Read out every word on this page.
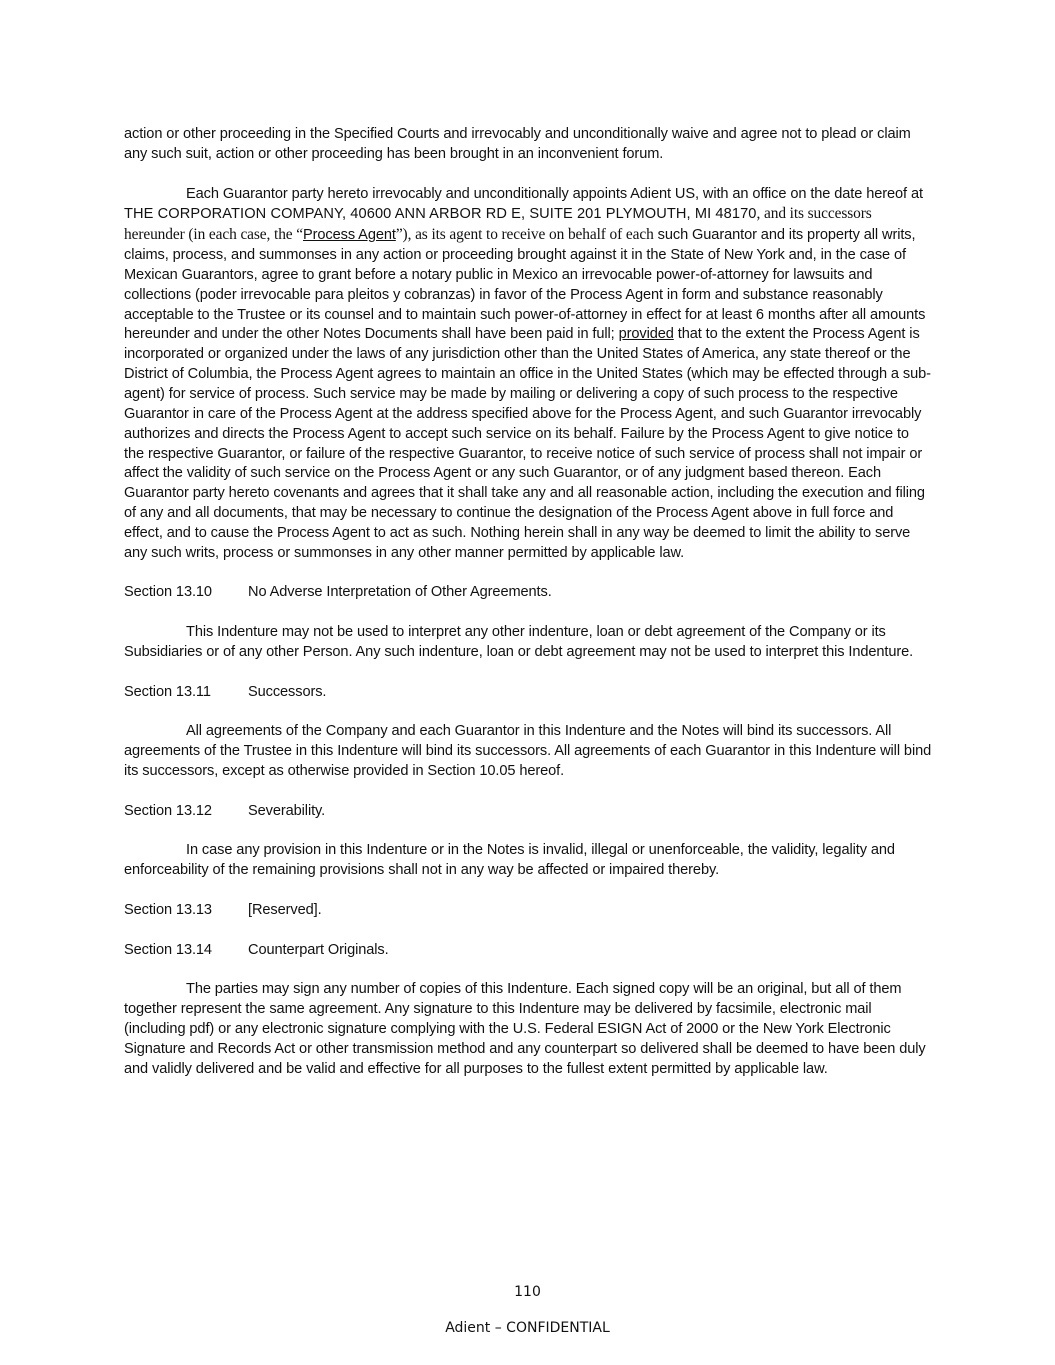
action or other proceeding in the Specified Courts and irrevocably and unconditionally waive and agree not to plead or claim any such suit, action or other proceeding has been brought in an inconvenient forum.

Each Guarantor party hereto irrevocably and unconditionally appoints Adient US, with an office on the date hereof at THE CORPORATION COMPANY, 40600 ANN ARBOR RD E, SUITE 201 PLYMOUTH, MI 48170, and its successors hereunder (in each case, the “Process Agent”), as its agent to receive on behalf of each such Guarantor and its property all writs, claims, process, and summonses in any action or proceeding brought against it in the State of New York and, in the case of Mexican Guarantors, agree to grant before a notary public in Mexico an irrevocable power-of-attorney for lawsuits and collections (poder irrevocable para pleitos y cobranzas) in favor of the Process Agent in form and substance reasonably acceptable to the Trustee or its counsel and to maintain such power-of-attorney in effect for at least 6 months after all amounts hereunder and under the other Notes Documents shall have been paid in full; provided that to the extent the Process Agent is incorporated or organized under the laws of any jurisdiction other than the United States of America, any state thereof or the District of Columbia, the Process Agent agrees to maintain an office in the United States (which may be effected through a sub-agent) for service of process. Such service may be made by mailing or delivering a copy of such process to the respective Guarantor in care of the Process Agent at the address specified above for the Process Agent, and such Guarantor irrevocably authorizes and directs the Process Agent to accept such service on its behalf. Failure by the Process Agent to give notice to the respective Guarantor, or failure of the respective Guarantor, to receive notice of such service of process shall not impair or affect the validity of such service on the Process Agent or any such Guarantor, or of any judgment based thereon. Each Guarantor party hereto covenants and agrees that it shall take any and all reasonable action, including the execution and filing of any and all documents, that may be necessary to continue the designation of the Process Agent above in full force and effect, and to cause the Process Agent to act as such. Nothing herein shall in any way be deemed to limit the ability to serve any such writs, process or summonses in any other manner permitted by applicable law.

Section 13.10 No Adverse Interpretation of Other Agreements.

This Indenture may not be used to interpret any other indenture, loan or debt agreement of the Company or its Subsidiaries or of any other Person. Any such indenture, loan or debt agreement may not be used to interpret this Indenture.

Section 13.11	Successors.

All agreements of the Company and each Guarantor in this Indenture and the Notes will bind its successors. All agreements of the Trustee in this Indenture will bind its successors. All agreements of each Guarantor in this Indenture will bind its successors, except as otherwise provided in Section 10.05 hereof.

Section 13.12 Severability.

In case any provision in this Indenture or in the Notes is invalid, illegal or unenforceable, the validity, legality and enforceability of the remaining provisions shall not in any way be affected or impaired thereby.

Section 13.13 [Reserved].
Section 13.14 Counterpart Originals.

The parties may sign any number of copies of this Indenture. Each signed copy will be an original, but all of them together represent the same agreement. Any signature to this Indenture may be delivered by facsimile, electronic mail (including pdf) or any electronic signature complying with the U.S. Federal ESIGN Act of 2000 or the New York Electronic Signature and Records Act or other transmission method and any counterpart so delivered shall be deemed to have been duly and validly delivered and be valid and effective for all purposes to the fullest extent permitted by applicable law.

110
Adient – CONFIDENTIAL
